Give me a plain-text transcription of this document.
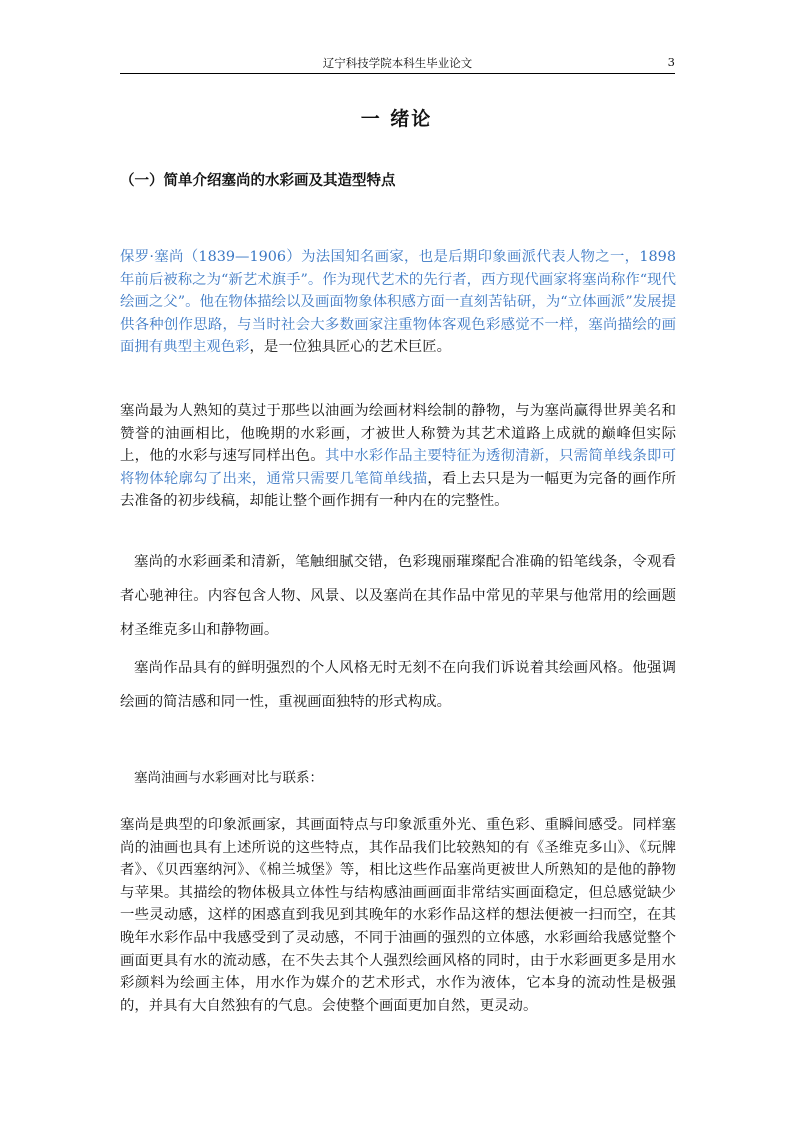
辽宁科技学院本科生毕业论文	3
一 绪论
（一）简单介绍塞尚的水彩画及其造型特点
保罗·塞尚（1839—1906）为法国知名画家，也是后期印象画派代表人物之一，1898年前后被称之为“新艺术旗手”。作为现代艺术的先行者，西方现代画家将塞尚称作“现代绘画之父”。他在物体描绘以及画面物象体积感方面一直刻苦钻研，为“立体画派”发展提供各种创作思路，与当时社会大多数画家注重物体客观色彩感觉不一样，塞尚描绘的画面拥有典型主观色彩，是一位独具匠心的艺术巨匠。
塞尚最为人熟知的莫过于那些以油画为绘画材料绘制的静物，与为塞尚赢得世界美名和赞誉的油画相比，他晚期的水彩画，才被世人称赞为其艺术道路上成就的巅峰但实际上，他的水彩与速写同样出色。其中水彩作品主要特征为透彻清新，只需简单线条即可将物体轮廓勾了出来，通常只需要几笔简单线描，看上去只是为一幅更为完备的画作所去准备的初步线稿，却能让整个画作拥有一种内在的完整性。
塞尚的水彩画柔和清新，笔触细腻交错，色彩瑰丽璀璨配合准确的铅笔线条，令观看者心驰神往。内容包含人物、风景、以及塞尚在其作品中常见的苹果与他常用的绘画题材圣维克多山和静物画。
塞尚作品具有的鲜明强烈的个人风格无时无刻不在向我们诉说着其绘画风格。他强调绘画的简洁感和同一性，重视画面独特的形式构成。
塞尚油画与水彩画对比与联系：
塞尚是典型的印象派画家，其画面特点与印象派重外光、重色彩、重瞬间感受。同样塞尚的油画也具有上述所说的这些特点，其作品我们比较熟知的有《圣维克多山》、《玩牌者》、《贝西塞纳河》、《棉兰城堡》等，相比这些作品塞尚更被世人所熟知的是他的静物与苹果。其描绘的物体极具立体性与结构感油画画面非常结实画面稳定，但总感觉缺少一些灵动感，这样的困惑直到我见到其晚年的水彩作品这样的想法便被一扫而空，在其晚年水彩作品中我感受到了灵动感，不同于油画的强烈的立体感，水彩画给我感觉整个画面更具有水的流动感，在不失去其个人强烈绘画风格的同时，由于水彩画更多是用水彩颜料为绘画主体，用水作为媒介的艺术形式，水作为液体，它本身的流动性是极强的，并具有大自然独有的气息。会使整个画面更加自然，更灵动。
